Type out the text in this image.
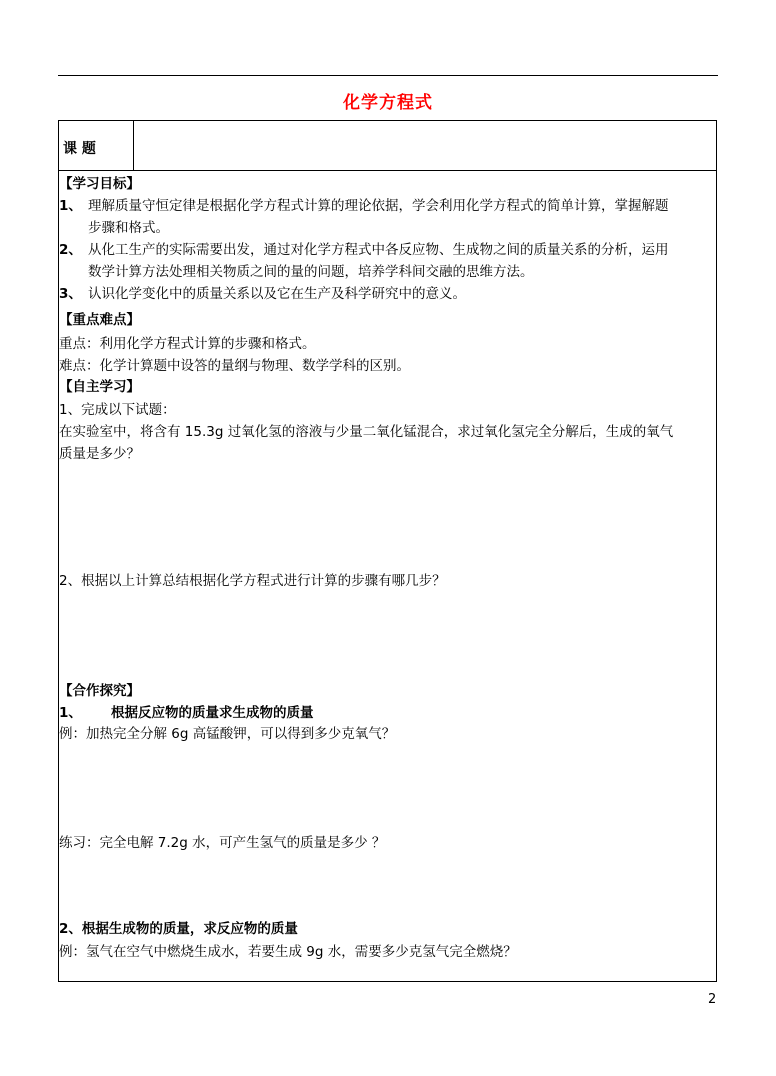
化学方程式
课 题
【学习目标】
1、 理解质量守恒定律是根据化学方程式计算的理论依据，学会利用化学方程式的简单计算，掌握解题
步骤和格式。
2、 从化工生产的实际需要出发，通过对化学方程式中各反应物、生成物之间的质量关系的分析，运用
数学计算方法处理相关物质之间的量的问题，培养学科间交融的思维方法。
3、 认识化学变化中的质量关系以及它在生产及科学研究中的意义。
【重点难点】
重点：利用化学方程式计算的步骤和格式。
难点：化学计算题中设答的量纲与物理、数学学科的区别。
【自主学习】
1、完成以下试题：
在实验室中，将含有 15.3g 过氧化氢的溶液与少量二氧化锰混合，求过氧化氢完全分解后，生成的氧气
质量是多少？
2、根据以上计算总结根据化学方程式进行计算的步骤有哪几步？
【合作探究】
1、 根据反应物的质量求生成物的质量
例：加热完全分解 6g 高锰酸钾，可以得到多少克氧气？
练习：完全电解 7.2g 水，可产生氢气的质量是多少 ？
2、根据生成物的质量，求反应物的质量
例：氢气在空气中燃烧生成水，若要生成 9g 水，需要多少克氢气完全燃烧？
2
